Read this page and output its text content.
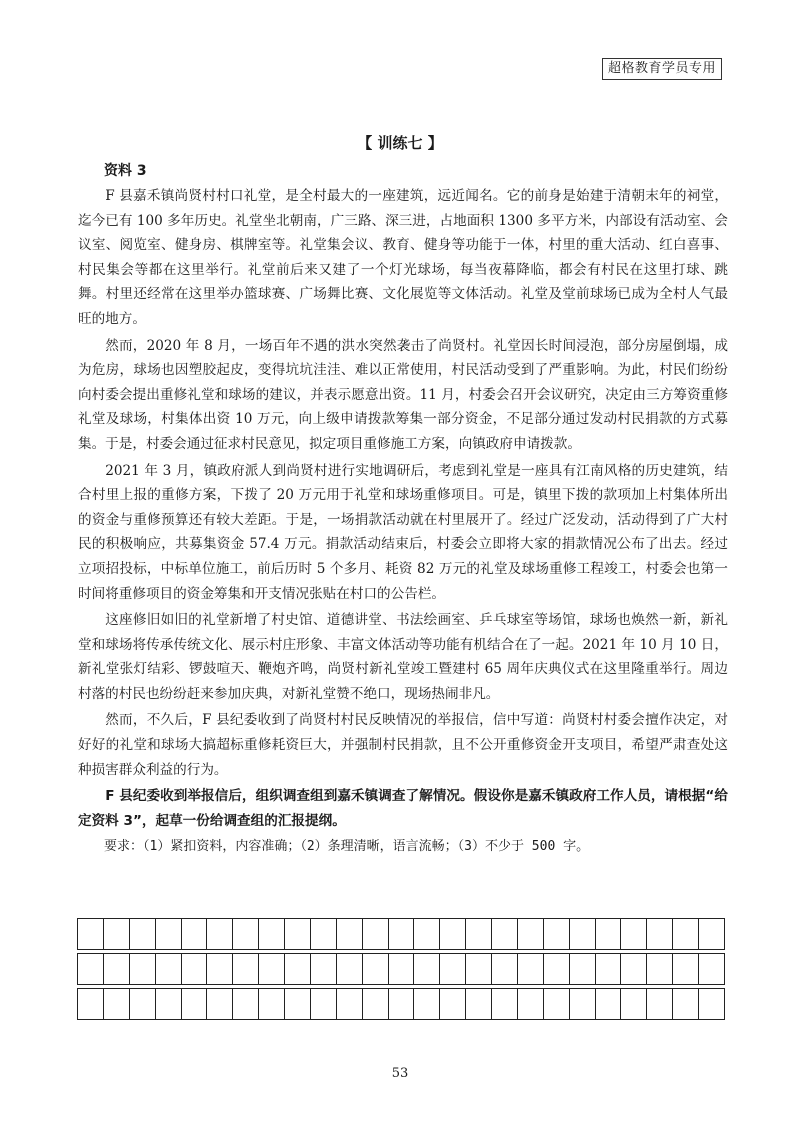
超格教育学员专用
【 训练七 】
资料 3

F 县嘉禾镇尚贤村村口礼堂，是全村最大的一座建筑，远近闻名。它的前身是始建于清朝末年的祠堂，迄今已有 100 多年历史。礼堂坐北朝南，广三路、深三进，占地面积 1300 多平方米，内部设有活动室、会议室、阅览室、健身房、棋牌室等。礼堂集会议、教育、健身等功能于一体，村里的重大活动、红白喜事、村民集会等都在这里举行。礼堂前后来又建了一个灯光球场，每当夜幕降临，都会有村民在这里打球、跳舞。村里还经常在这里举办篮球赛、广场舞比赛、文化展览等文体活动。礼堂及堂前球场已成为全村人气最旺的地方。

然而，2020 年 8 月，一场百年不遇的洪水突然袭击了尚贤村。礼堂因长时间浸泡，部分房屋倒塌，成为危房，球场也因塑胶起皮，变得坑坑洼洼、难以正常使用，村民活动受到了严重影响。为此，村民们纷纷向村委会提出重修礼堂和球场的建议，并表示愿意出资。11 月，村委会召开会议研究，决定由三方筹资重修礼堂及球场，村集体出资 10 万元，向上级申请拨款筹集一部分资金，不足部分通过发动村民捐款的方式募集。于是，村委会通过征求村民意见，拟定项目重修施工方案，向镇政府申请拨款。

2021 年 3 月，镇政府派人到尚贤村进行实地调研后，考虑到礼堂是一座具有江南风格的历史建筑，结合村里上报的重修方案，下拨了 20 万元用于礼堂和球场重修项目。可是，镇里下拨的款项加上村集体所出的资金与重修预算还有较大差距。于是，一场捐款活动就在村里展开了。经过广泛发动，活动得到了广大村民的积极响应，共募集资金 57.4 万元。捐款活动结束后，村委会立即将大家的捐款情况公布了出去。经过立项招投标，中标单位施工，前后历时 5 个多月、耗资 82 万元的礼堂及球场重修工程竣工，村委会也第一时间将重修项目的资金筹集和开支情况张贴在村口的公告栏。

这座修旧如旧的礼堂新增了村史馆、道德讲堂、书法绘画室、乒乓球室等场馆，球场也焕然一新，新礼堂和球场将传承传统文化、展示村庄形象、丰富文体活动等功能有机结合在了一起。2021 年 10 月 10 日，新礼堂张灯结彩、锣鼓喧天、鞭炮齐鸣，尚贤村新礼堂竣工暨建村 65 周年庆典仪式在这里隆重举行。周边村落的村民也纷纷赶来参加庆典，对新礼堂赞不绝口，现场热闹非凡。

然而，不久后，F 县纪委收到了尚贤村村民反映情况的举报信，信中写道：尚贤村村委会擅作决定，对好好的礼堂和球场大搞超标重修耗资巨大，并强制村民捐款，且不公开重修资金开支项目，希望严肃查处这种损害群众利益的行为。

F 县纪委收到举报信后，组织调查组到嘉禾镇调查了解情况。假设你是嘉禾镇政府工作人员，请根据“给定资料 3”，起草一份给调查组的汇报提纲。

要求：（1）紧扣资料，内容准确；（2）条理清晰，语言流畅；（3）不少于 500 字。

53
